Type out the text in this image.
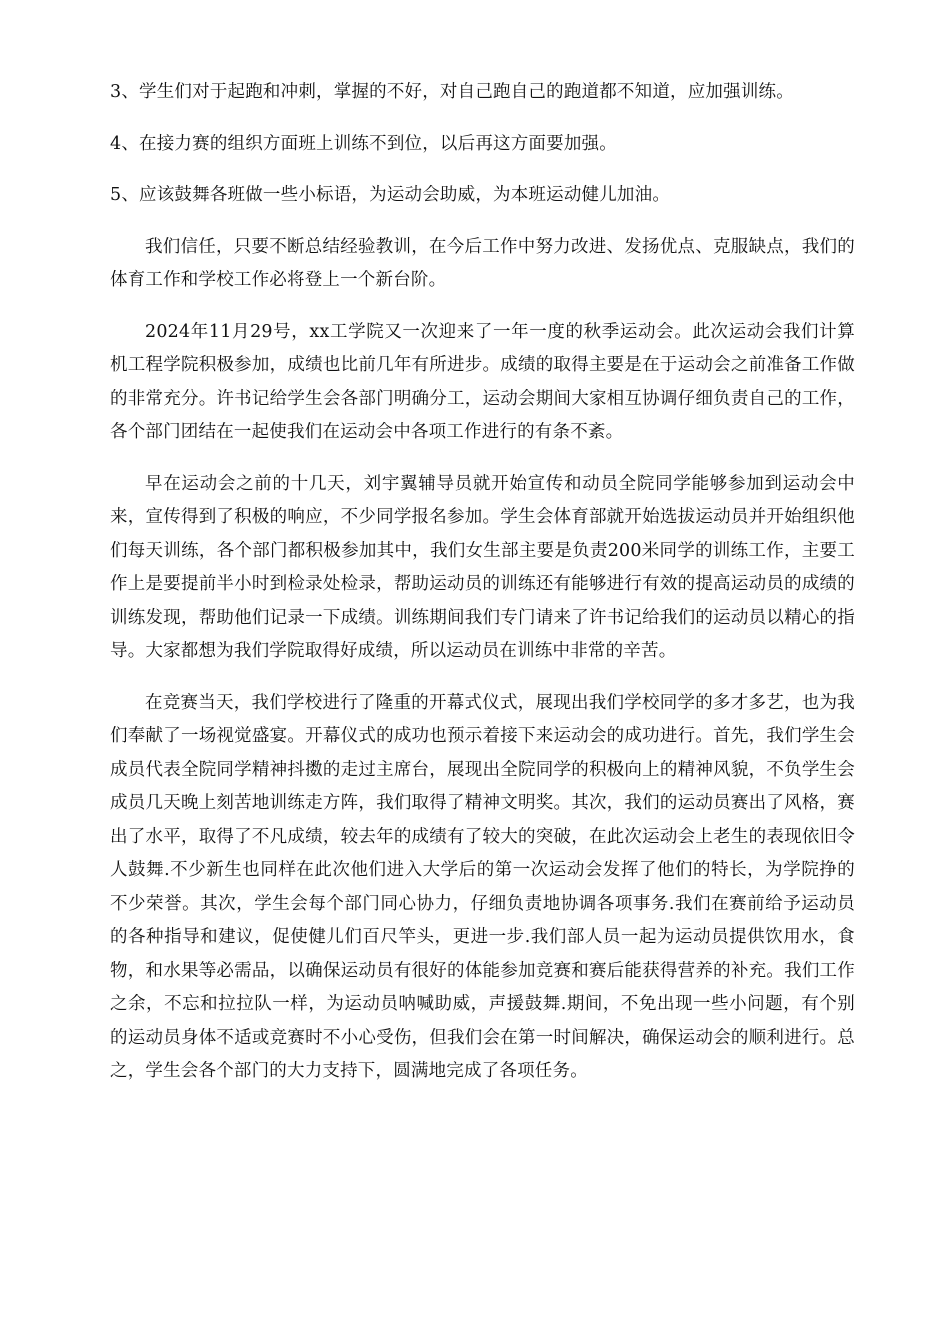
3、学生们对于起跑和冲刺，掌握的不好，对自己跑自己的跑道都不知道，应加强训练。

4、在接力赛的组织方面班上训练不到位，以后再这方面要加强。

5、应该鼓舞各班做一些小标语，为运动会助威，为本班运动健儿加油。

我们信任，只要不断总结经验教训，在今后工作中努力改进、发扬优点、克服缺点，我们的体育工作和学校工作必将登上一个新台阶。

2024年11月29号，xx工学院又一次迎来了一年一度的秋季运动会。此次运动会我们计算机工程学院积极参加，成绩也比前几年有所进步。成绩的取得主要是在于运动会之前准备工作做的非常充分。许书记给学生会各部门明确分工，运动会期间大家相互协调仔细负责自己的工作，各个部门团结在一起使我们在运动会中各项工作进行的有条不紊。

早在运动会之前的十几天，刘宇翼辅导员就开始宣传和动员全院同学能够参加到运动会中来，宣传得到了积极的响应，不少同学报名参加。学生会体育部就开始选拔运动员并开始组织他们每天训练，各个部门都积极参加其中，我们女生部主要是负责200米同学的训练工作，主要工作上是要提前半小时到检录处检录，帮助运动员的训练还有能够进行有效的提高运动员的成绩的训练发现，帮助他们记录一下成绩。训练期间我们专门请来了许书记给我们的运动员以精心的指导。大家都想为我们学院取得好成绩，所以运动员在训练中非常的辛苦。

在竞赛当天，我们学校进行了隆重的开幕式仪式，展现出我们学校同学的多才多艺，也为我们奉献了一场视觉盛宴。开幕仪式的成功也预示着接下来运动会的成功进行。首先，我们学生会成员代表全院同学精神抖擞的走过主席台，展现出全院同学的积极向上的精神风貌，不负学生会成员几天晚上刻苦地训练走方阵，我们取得了精神文明奖。其次，我们的运动员赛出了风格，赛出了水平，取得了不凡成绩，较去年的成绩有了较大的突破，在此次运动会上老生的表现依旧令人鼓舞.不少新生也同样在此次他们进入大学后的第一次运动会发挥了他们的特长，为学院挣的不少荣誉。其次，学生会每个部门同心协力，仔细负责地协调各项事务.我们在赛前给予运动员的各种指导和建议，促使健儿们百尺竿头，更进一步.我们部人员一起为运动员提供饮用水，食物，和水果等必需品，以确保运动员有很好的体能参加竞赛和赛后能获得营养的补充。我们工作之余，不忘和拉拉队一样，为运动员呐喊助威，声援鼓舞.期间，不免出现一些小问题，有个别的运动员身体不适或竞赛时不小心受伤，但我们会在第一时间解决，确保运动会的顺利进行。总之，学生会各个部门的大力支持下，圆满地完成了各项任务。
